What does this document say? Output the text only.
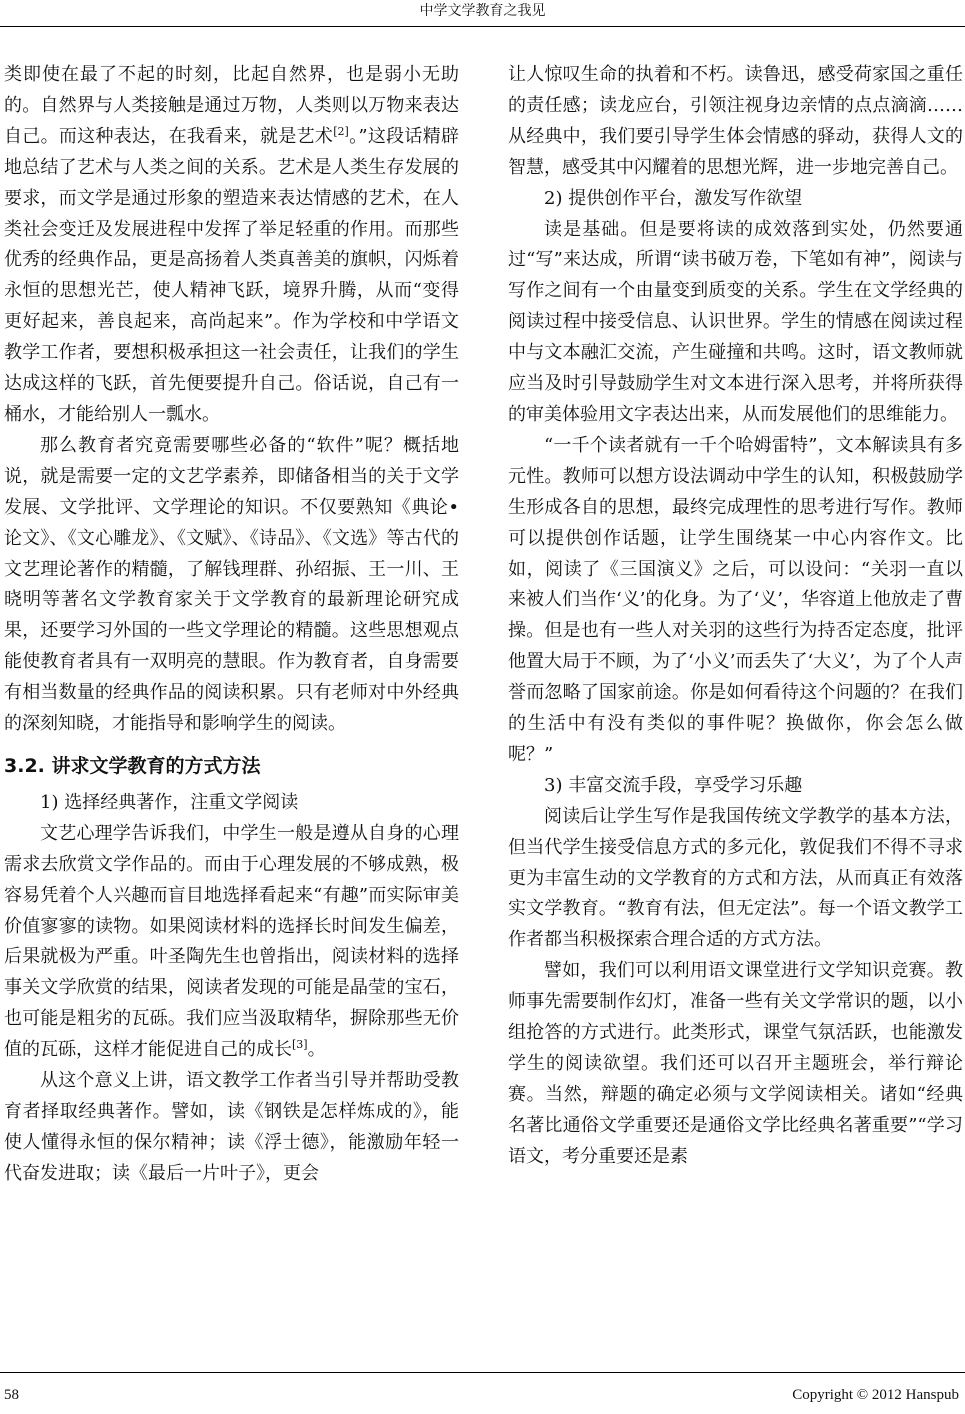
中学文学教育之我见

类即使在最了不起的时刻，比起自然界，也是弱小无助的。自然界与人类接触是通过万物，人类则以万物来表达自己。而这种表达，在我看来，就是艺术[2]。”这段话精辟地总结了艺术与人类之间的关系。艺术是人类生存发展的要求，而文学是通过形象的塑造来表达情感的艺术，在人类社会变迁及发展进程中发挥了举足轻重的作用。而那些优秀的经典作品，更是高扬着人类真善美的旗帜，闪烁着永恒的思想光芒，使人精神飞跃，境界升腾，从而“变得更好起来，善良起来，高尚起来”。作为学校和中学语文教学工作者，要想积极承担这一社会责任，让我们的学生达成这样的飞跃，首先便要提升自己。俗话说，自己有一桶水，才能给别人一瓢水。

那么教育者究竟需要哪些必备的“软件”呢？概括地说，就是需要一定的文艺学素养，即储备相当的关于文学发展、文学批评、文学理论的知识。不仅要熟知《典论•论文》、《文心雕龙》、《文赋》、《诗品》、《文选》等古代的文艺理论著作的精髓，了解钱理群、孙绍振、王一川、王晓明等著名文学教育家关于文学教育的最新理论研究成果，还要学习外国的一些文学理论的精髓。这些思想观点能使教育者具有一双明亮的慧眼。作为教育者，自身需要有相当数量的经典作品的阅读积累。只有老师对中外经典的深刻知晓，才能指导和影响学生的阅读。

3.2. 讲求文学教育的方式方法

1) 选择经典著作，注重文学阅读

文艺心理学告诉我们，中学生一般是遵从自身的心理需求去欣赏文学作品的。而由于心理发展的不够成熟，极容易凭着个人兴趣而盲目地选择看起来“有趣”而实际审美价值寥寥的读物。如果阅读材料的选择长时间发生偏差，后果就极为严重。叶圣陶先生也曾指出，阅读材料的选择事关文学欣赏的结果，阅读者发现的可能是晶莹的宝石，也可能是粗劣的瓦砾。我们应当汲取精华，摒除那些无价值的瓦砾，这样才能促进自己的成长[3]。

从这个意义上讲，语文教学工作者当引导并帮助受教育者择取经典著作。譬如，读《钢铁是怎样炼成的》，能使人懂得永恒的保尔精神；读《浮士德》，能激励年轻一代奋发进取；读《最后一片叶子》，更会

让人惊叹生命的执着和不朽。读鲁迅，感受荷家国之重任的责任感；读龙应台，引领注视身边亲情的点点滴滴……从经典中，我们要引导学生体会情感的驿动，获得人文的智慧，感受其中闪耀着的思想光辉，进一步地完善自己。

2) 提供创作平台，激发写作欲望

读是基础。但是要将读的成效落到实处，仍然要通过“写”来达成，所谓“读书破万卷，下笔如有神”，阅读与写作之间有一个由量变到质变的关系。学生在文学经典的阅读过程中接受信息、认识世界。学生的情感在阅读过程中与文本融汇交流，产生碰撞和共鸣。这时，语文教师就应当及时引导鼓励学生对文本进行深入思考，并将所获得的审美体验用文字表达出来，从而发展他们的思维能力。

“一千个读者就有一千个哈姆雷特”，文本解读具有多元性。教师可以想方设法调动中学生的认知，积极鼓励学生形成各自的思想，最终完成理性的思考进行写作。教师可以提供创作话题，让学生围绕某一中心内容作文。比如，阅读了《三国演义》之后，可以设问：“关羽一直以来被人们当作‘义’的化身。为了‘义’，华容道上他放走了曹操。但是也有一些人对关羽的这些行为持否定态度，批评他置大局于不顾，为了‘小义’而丢失了‘大义’，为了个人声誉而忽略了国家前途。你是如何看待这个问题的？在我们的生活中有没有类似的事件呢？换做你，你会怎么做呢？”

3) 丰富交流手段，享受学习乐趣

阅读后让学生写作是我国传统文学教学的基本方法，但当代学生接受信息方式的多元化，敦促我们不得不寻求更为丰富生动的文学教育的方式和方法，从而真正有效落实文学教育。“教育有法，但无定法”。每一个语文教学工作者都当积极探索合理合适的方式方法。

譬如，我们可以利用语文课堂进行文学知识竞赛。教师事先需要制作幻灯，准备一些有关文学常识的题，以小组抢答的方式进行。此类形式，课堂气氛活跃，也能激发学生的阅读欲望。我们还可以召开主题班会，举行辩论赛。当然，辩题的确定必须与文学阅读相关。诸如“经典名著比通俗文学重要还是通俗文学比经典名著重要”“学习语文，考分重要还是素

58	Copyright © 2012 Hanspub
